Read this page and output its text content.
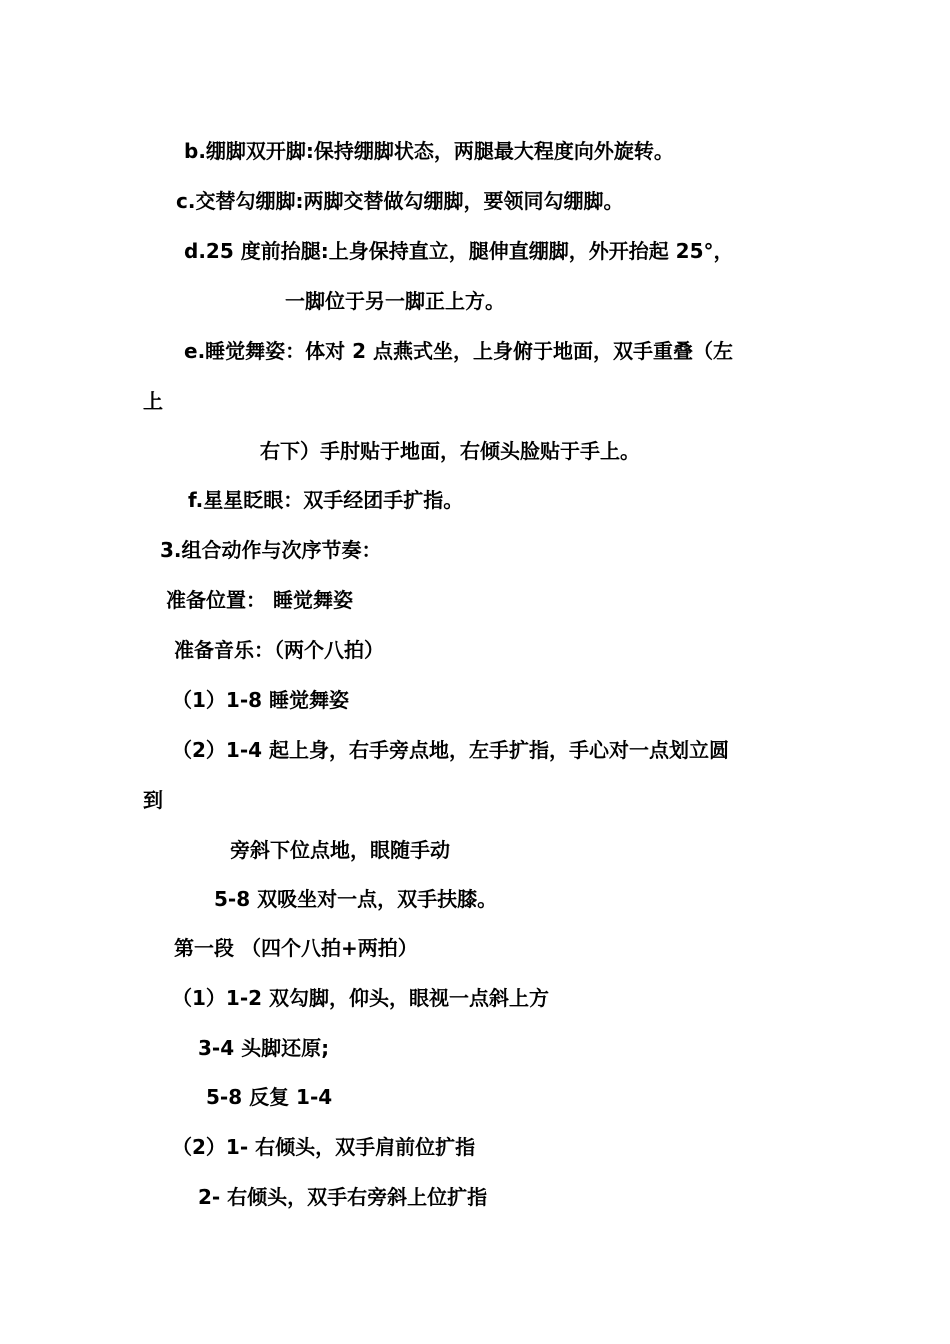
b.绷脚双开脚:保持绷脚状态，两腿最大程度向外旋转。
c.交替勾绷脚:两脚交替做勾绷脚，要领同勾绷脚。
d.25 度前抬腿:上身保持直立，腿伸直绷脚，外开抬起 25°，
一脚位于另一脚正上方。
e.睡觉舞姿：体对 2 点燕式坐，上身俯于地面，双手重叠（左
上
右下）手肘贴于地面，右倾头脸贴于手上。
f.星星眨眼：双手经团手扩指。
3.组合动作与次序节奏：
准备位置： 睡觉舞姿
准备音乐：（两个八拍）
（1）1-8 睡觉舞姿
（2）1-4 起上身，右手旁点地，左手扩指，手心对一点划立圆
到
旁斜下位点地，眼随手动
5-8 双吸坐对一点，双手扶膝。
第一段 （四个八拍+两拍）
（1）1-2 双勾脚，仰头，眼视一点斜上方
3-4 头脚还原;
5-8 反复 1-4
（2）1- 右倾头，双手肩前位扩指
2- 右倾头，双手右旁斜上位扩指
